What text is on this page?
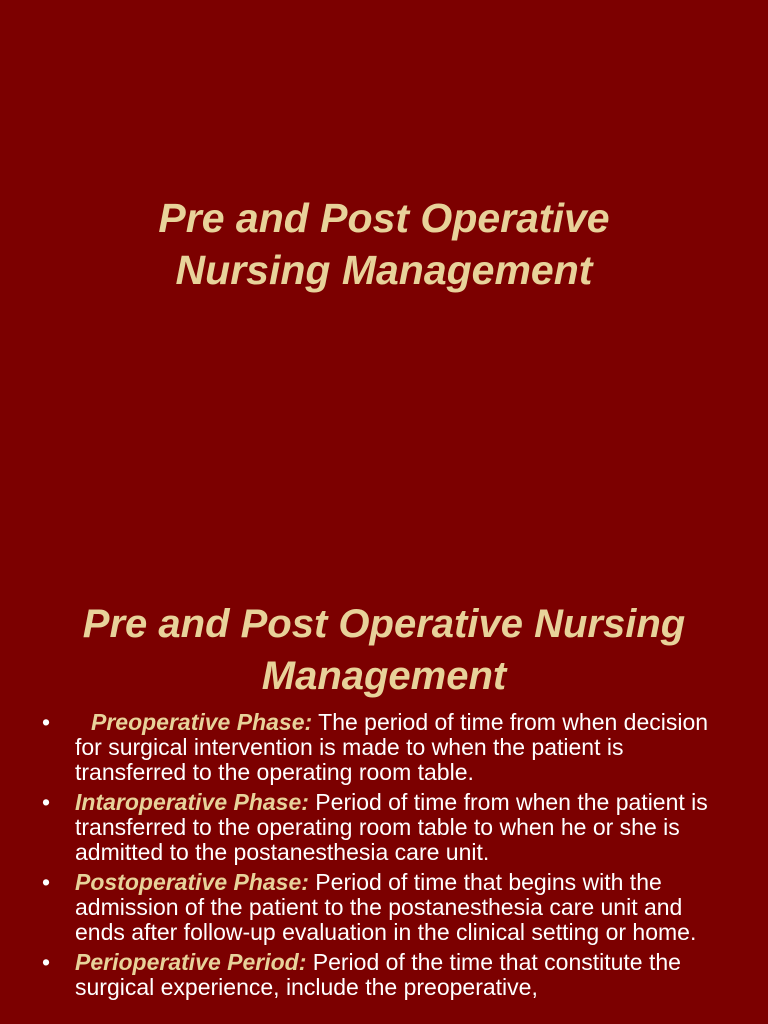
Pre and Post Operative
Nursing Management
Pre and Post Operative Nursing
Management
• Preoperative Phase: The period of time from when decision for surgical intervention is made to when the patient is transferred to the operating room table.
• Intaroperative Phase: Period of time from when the patient is transferred to the operating room table to when he or she is admitted to the postanesthesia care unit.
• Postoperative Phase: Period of time that begins with the admission of the patient to the postanesthesia care unit and ends after follow-up evaluation in the clinical setting or home.
• Perioperative Period: Period of the time that constitute the surgical experience, include the preoperative,
